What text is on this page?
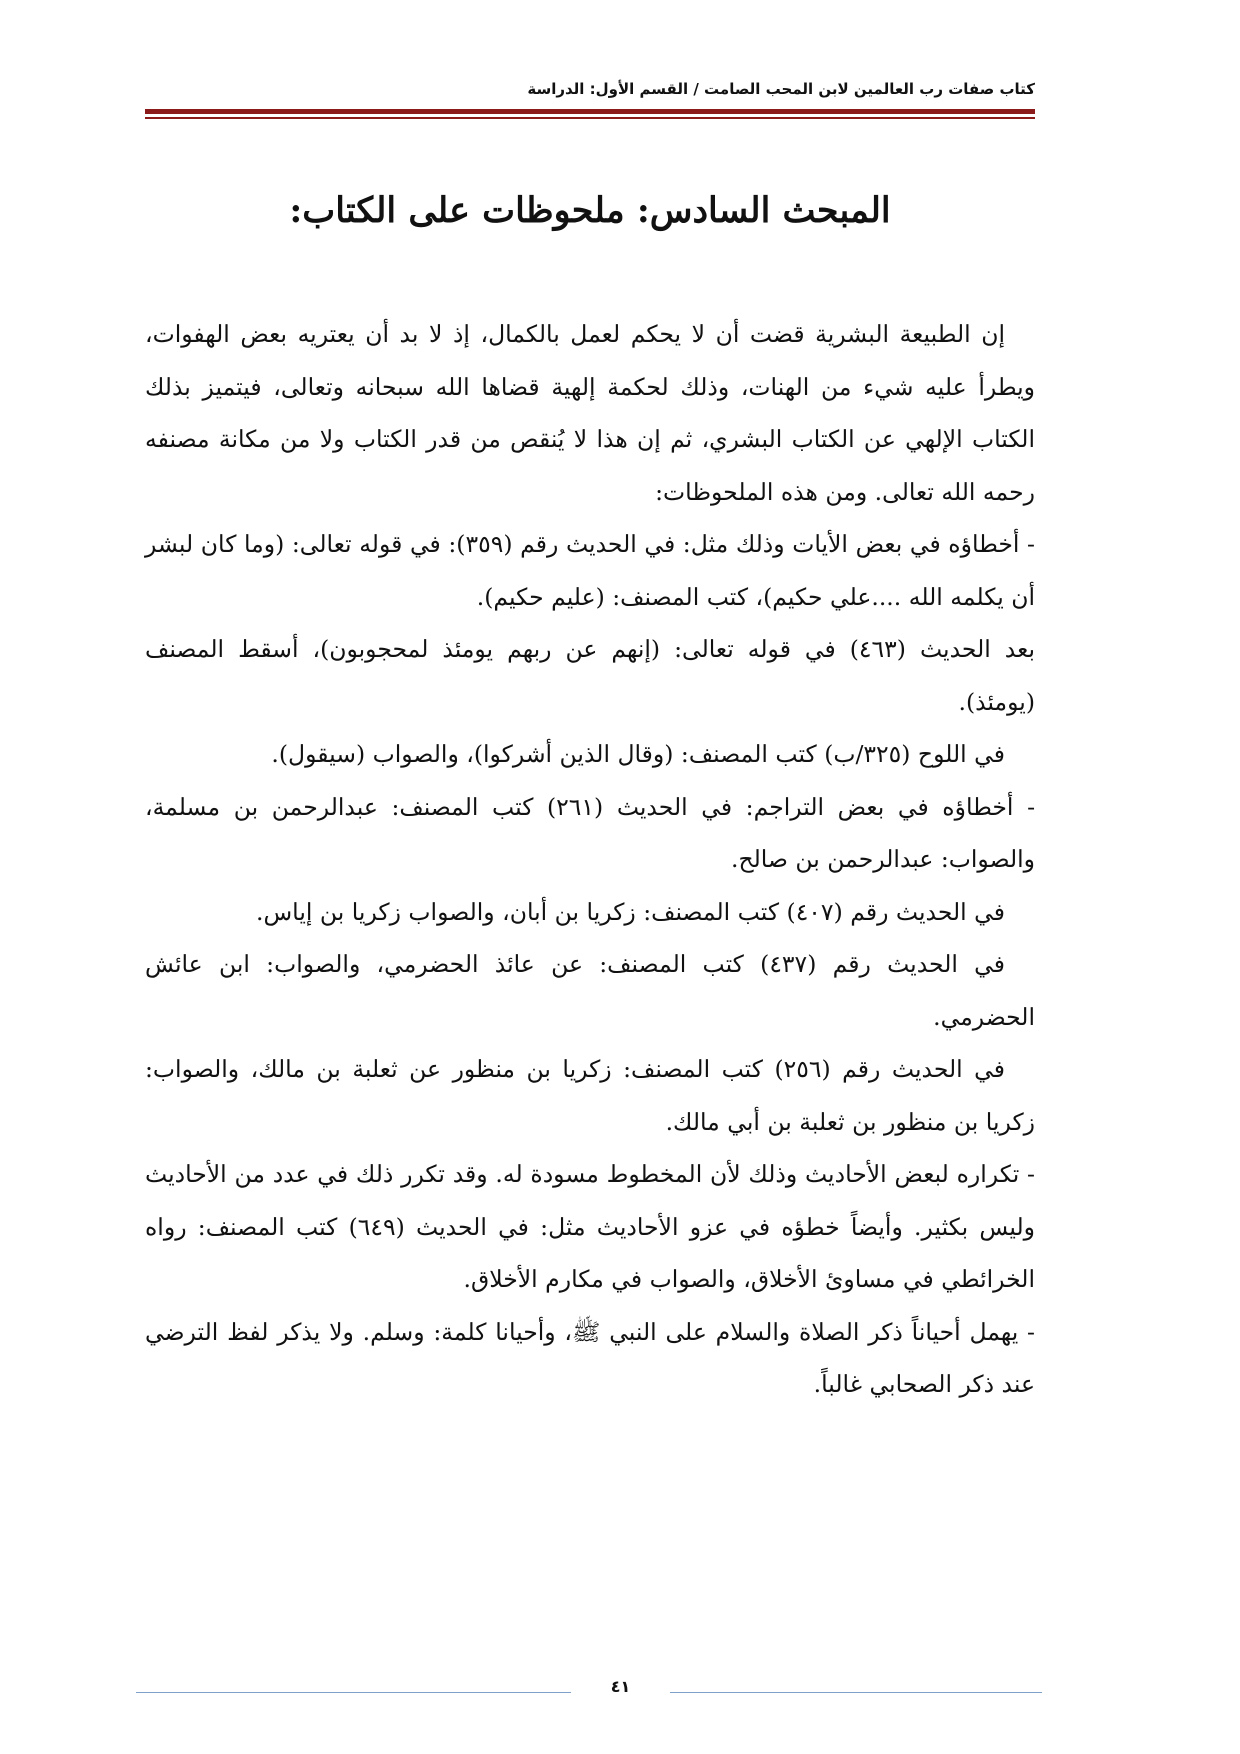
كتاب صفات رب العالمين لابن المحب الصامت / القسم الأول: الدراسة
المبحث السادس: ملحوظات على الكتاب:

إن الطبيعة البشرية قضت أن لا يحكم لعمل بالكمال، إذ لا بد أن يعتريه بعض الهفوات، ويطرأ عليه شيء من الهنات، وذلك لحكمة إلهية قضاها الله سبحانه وتعالى، فيتميز بذلك الكتاب الإلهي عن الكتاب البشري، ثم إن هذا لا يُنقص من قدر الكتاب ولا من مكانة مصنفه رحمه الله تعالى. ومن هذه الملحوظات:

- أخطاؤه في بعض الأيات وذلك مثل: في الحديث رقم (٣٥٩): في قوله تعالى: (وما كان لبشر أن يكلمه الله ....علي حكيم)، كتب المصنف: (عليم حكيم).

بعد الحديث (٤٦٣) في قوله تعالى: (إنهم عن ربهم يومئذ لمحجوبون)، أسقط المصنف (يومئذ).

في اللوح (٣٢٥/ب) كتب المصنف: (وقال الذين أشركوا)، والصواب (سيقول).

- أخطاؤه في بعض التراجم: في الحديث (٢٦١) كتب المصنف: عبدالرحمن بن مسلمة، والصواب: عبدالرحمن بن صالح.

في الحديث رقم (٤٠٧) كتب المصنف: زكريا بن أبان، والصواب زكريا بن إياس.

في الحديث رقم (٤٣٧) كتب المصنف: عن عائذ الحضرمي، والصواب: ابن عائش الحضرمي.

في الحديث رقم (٢٥٦) كتب المصنف: زكريا بن منظور عن ثعلبة بن مالك، والصواب: زكريا بن منظور بن ثعلبة بن أبي مالك.

- تكراره لبعض الأحاديث وذلك لأن المخطوط مسودة له. وقد تكرر ذلك في عدد من الأحاديث وليس بكثير. وأيضاً خطؤه في عزو الأحاديث مثل: في الحديث (٦٤٩) كتب المصنف: رواه الخرائطي في مساوئ الأخلاق، والصواب في مكارم الأخلاق.

- يهمل أحياناً ذكر الصلاة والسلام على النبي ﷺ، وأحيانا كلمة: وسلم. ولا يذكر لفظ الترضي عند ذكر الصحابي غالباً.

٤١
